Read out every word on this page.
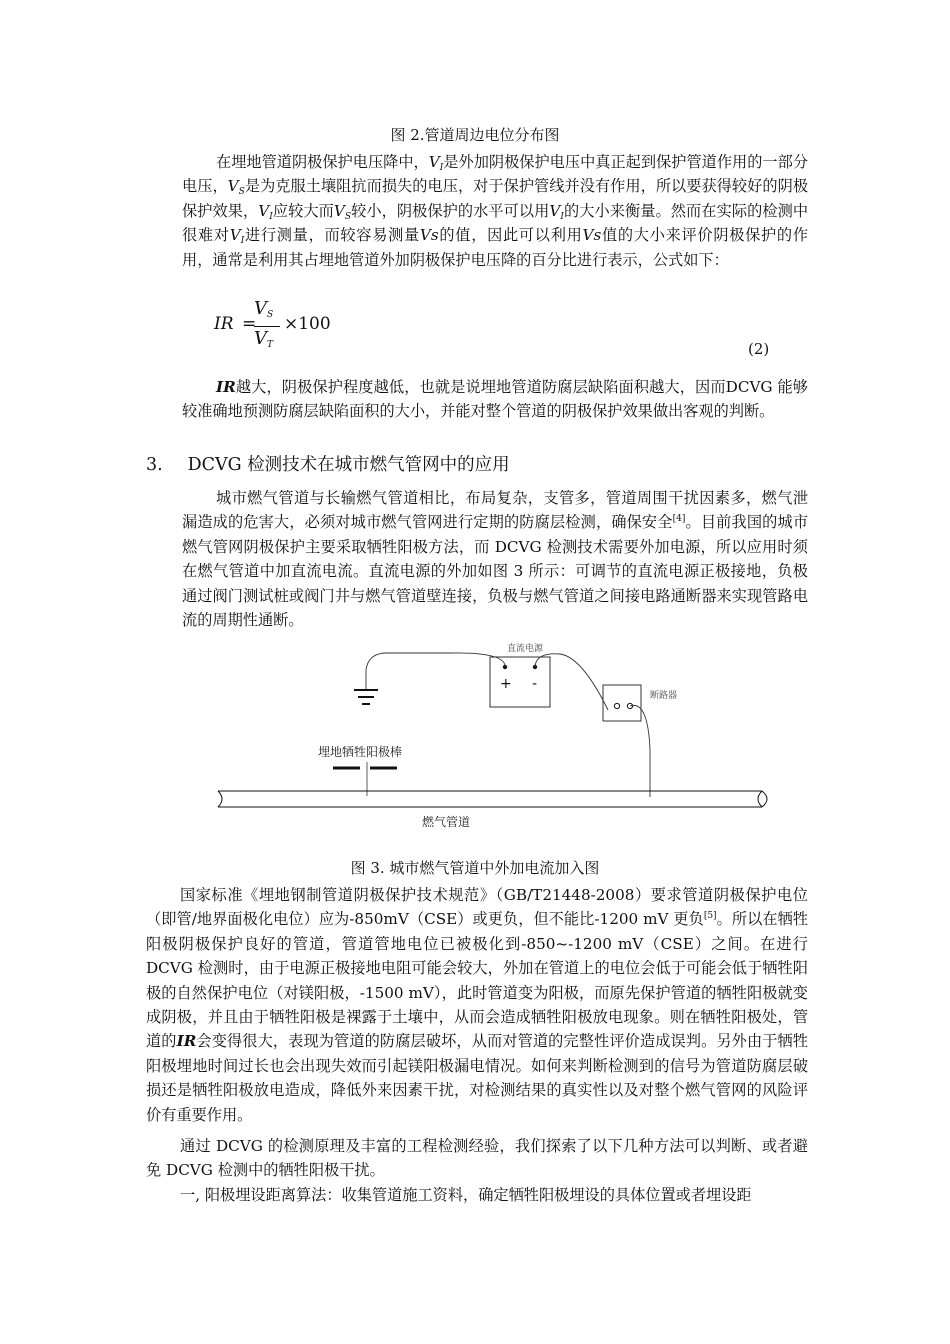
图 2.管道周边电位分布图

在埋地管道阴极保护电压降中，$V_I$是外加阴极保护电压中真正起到保护管道作用的一部分电压，$V_S$是为克服土壤阻抗而损失的电压，对于保护管线并没有作用，所以要获得较好的阴极保护效果，$V_I$应较大而$V_S$较小，阴极保护的水平可以用$V_I$的大小来衡量。然而在实际的检测中很难对$V_I$进行测量，而较容易测量Vs的值，因此可以利用Vs值的大小来评价阴极保护的作用，通常是利用其占埋地管道外加阴极保护电压降的百分比进行表示，公式如下：

IR =
$V_S$
$V_T$
×100
(2)

IR越大，阴极保护程度越低，也就是说埋地管道防腐层缺陷面积越大，因而DCVG 能够较准确地预测防腐层缺陷面积的大小，并能对整个管道的阴极保护效果做出客观的判断。

3. DCVG 检测技术在城市燃气管网中的应用

城市燃气管道与长输燃气管道相比，布局复杂，支管多，管道周围干扰因素多，燃气泄漏造成的危害大，必须对城市燃气管网进行定期的防腐层检测，确保安全[4]。目前我国的城市燃气管网阴极保护主要采取牺牲阳极方法，而 DCVG 检测技术需要外加电源，所以应用时须在燃气管道中加直流电流。直流电源的外加如图 3 所示：可调节的直流电源正极接地，负极通过阀门测试桩或阀门井与燃气管道壁连接，负极与燃气管道之间接电路通断器来实现管路电流的周期性通断。

直流电源
+ -
断路器
埋地牺牲阳极棒
燃气管道
图 3. 城市燃气管道中外加电流加入图

国家标准《埋地钢制管道阴极保护技术规范》（GB/T21448-2008）要求管道阴极保护电位（即管/地界面极化电位）应为-850mV（CSE）或更负，但不能比-1200 mV 更负[5]。所以在牺牲阳极阴极保护良好的管道，管道管地电位已被极化到-850~-1200 mV（CSE）之间。在进行 DCVG 检测时，由于电源正极接地电阻可能会较大，外加在管道上的电位会低于可能会低于牺牲阳极的自然保护电位（对镁阳极，-1500 mV），此时管道变为阳极，而原先保护管道的牺牲阳极就变成阴极，并且由于牺牲阳极是裸露于土壤中，从而会造成牺牲阳极放电现象。则在牺牲阳极处，管道的IR会变得很大，表现为管道的防腐层破坏，从而对管道的完整性评价造成误判。另外由于牺牲阳极埋地时间过长也会出现失效而引起镁阳极漏电情况。如何来判断检测到的信号为管道防腐层破损还是牺牲阳极放电造成，降低外来因素干扰，对检测结果的真实性以及对整个燃气管网的风险评价有重要作用。

通过 DCVG 的检测原理及丰富的工程检测经验，我们探索了以下几种方法可以判断、或者避免 DCVG 检测中的牺牲阳极干扰。

一, 阳极埋设距离算法：收集管道施工资料，确定牺牲阳极埋设的具体位置或者埋设距
